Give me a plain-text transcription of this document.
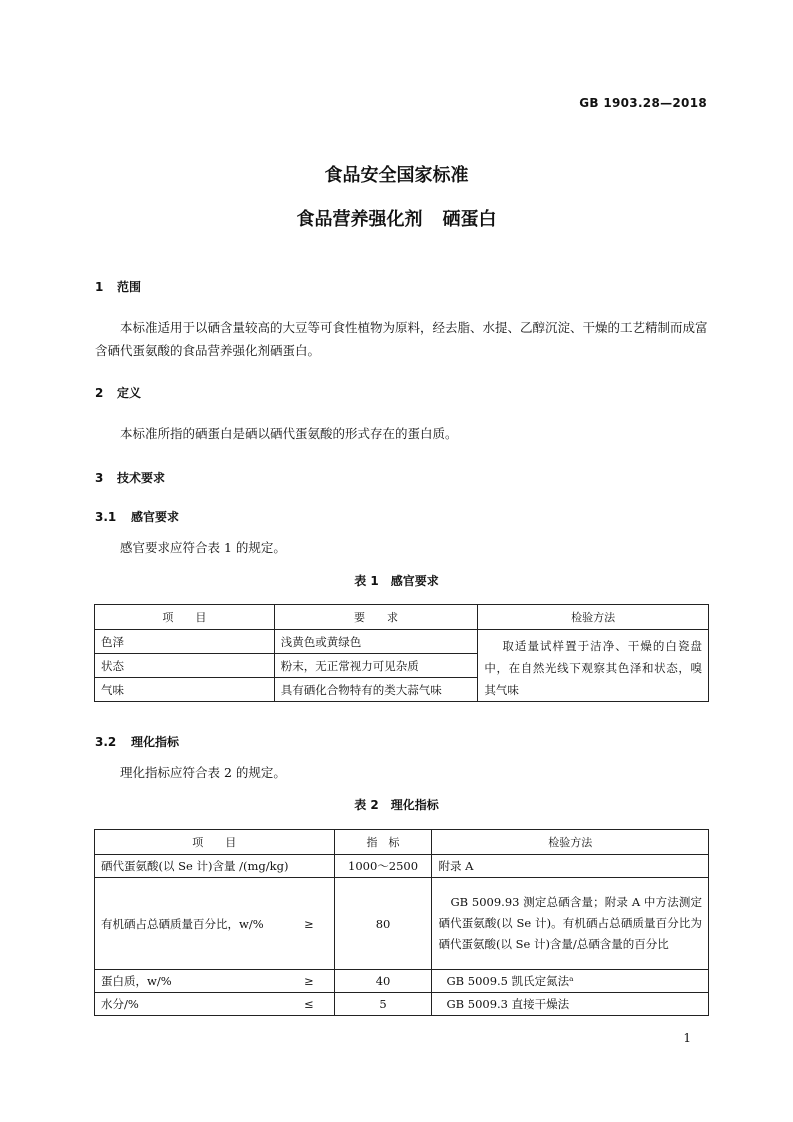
GB 1903.28—2018
食品安全国家标准
食品营养强化剂 硒蛋白
1 范围
本标准适用于以硒含量较高的大豆等可食性植物为原料，经去脂、水提、乙醇沉淀、干燥的工艺精制而成富含硒代蛋氨酸的食品营养强化剂硒蛋白。
2 定义
本标准所指的硒蛋白是硒以硒代蛋氨酸的形式存在的蛋白质。
3 技术要求
3.1 感官要求
感官要求应符合表 1 的规定。
表 1　感官要求
项　　目	要　　求	检验方法
色泽	浅黄色或黄绿色	取适量试样置于洁净、干燥的白瓷盘中，在自然光线下观察其色泽和状态，嗅其气味
状态	粉末，无正常视力可见杂质	
气味	具有硒化合物特有的类大蒜气味	
3.2 理化指标
理化指标应符合表 2 的规定。
表 2　理化指标
项　　目	指　标	检验方法

硒代蛋氨酸(以 Se 计)含量 /(mg/kg)	1000～2500	附录 A

有机硒占总硒质量百分比，w/% ≥	80	GB 5009.93 测定总硒含量；附录 A 中方法测定硒代蛋氨酸(以 Se 计)。有机硒占总硒质量百分比为硒代蛋氨酸(以 Se 计)含量/总硒含量的百分比

蛋白质，w/% ≥	40	GB 5009.5 凯氏定氮法ᵃ

水分/% ≤	5	GB 5009.3 直接干燥法
1
